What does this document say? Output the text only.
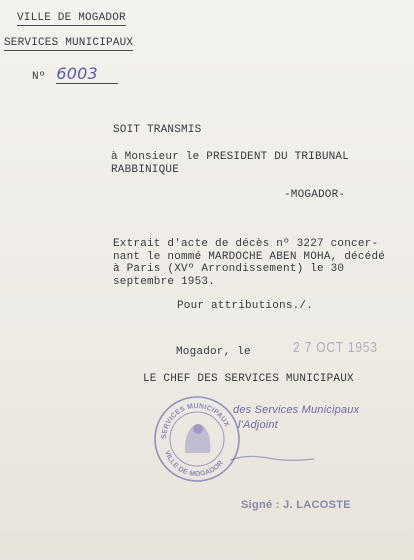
VILLE DE MOGADOR
SERVICES MUNICIPAUX
Nº 6003
SOIT TRANSMIS
à Monsieur le PRESIDENT DU TRIBUNAL
RABBINIQUE
-MOGADOR-
Extrait d'acte de décès nº 3227 concer-
nant le nommé MARDOCHE ABEN MOHA, décédé
à Paris (XVº Arrondissement) le 30
septembre 1953.
Pour attributions./.
Mogador, le	2 7 OCT 1953
LE CHEF DES SERVICES MUNICIPAUX
SERVICES MUNICIPAUX
VILLE DE MOGADOR
des Services Municipaux
l'Adjoint
Signé : J. LACOSTE
